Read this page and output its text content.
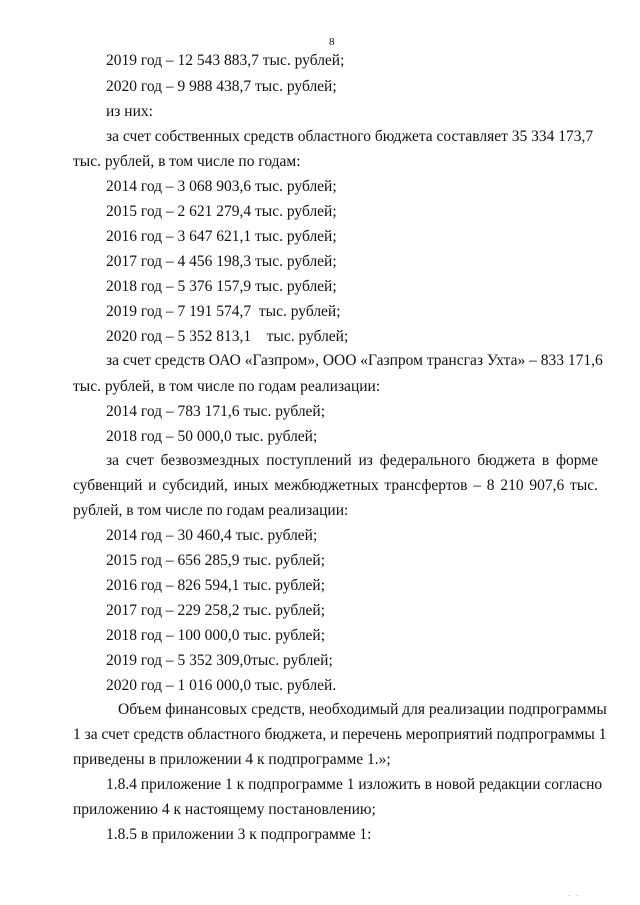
8
2019 год – 12 543 883,7 тыс. рублей;
2020 год – 9 988 438,7 тыс. рублей;
из них:
за счет собственных средств областного бюджета составляет 35 334 173,7
тыс. рублей, в том числе по годам:
2014 год – 3 068 903,6 тыс. рублей;
2015 год – 2 621 279,4 тыс. рублей;
2016 год – 3 647 621,1 тыс. рублей;
2017 год – 4 456 198,3 тыс. рублей;
2018 год – 5 376 157,9 тыс. рублей;
2019 год – 7 191 574,7  тыс. рублей;
2020 год – 5 352 813,1    тыс. рублей;
за счет средств ОАО «Газпром», ООО «Газпром трансгаз Ухта» – 833 171,6
тыс. рублей, в том числе по годам реализации:
2014 год – 783 171,6 тыс. рублей;
2018 год – 50 000,0 тыс. рублей;
за счет безвозмездных поступлений из федерального бюджета в форме
субвенций и субсидий, иных межбюджетных трансфертов – 8 210 907,6 тыс.
рублей, в том числе по годам реализации:
2014 год – 30 460,4 тыс. рублей;
2015 год – 656 285,9 тыс. рублей;
2016 год – 826 594,1 тыс. рублей;
2017 год – 229 258,2 тыс. рублей;
2018 год – 100 000,0 тыс. рублей;
2019 год – 5 352 309,0тыс. рублей;
2020 год – 1 016 000,0 тыс. рублей.
Объем финансовых средств, необходимый для реализации подпрограммы
1 за счет средств областного бюджета, и перечень мероприятий подпрограммы 1
приведены в приложении 4 к подпрограмме 1.»;
1.8.4 приложение 1 к подпрограмме 1 изложить в новой редакции согласно
приложению 4 к настоящему постановлению;
1.8.5 в приложении 3 к подпрограмме 1:
· ·
